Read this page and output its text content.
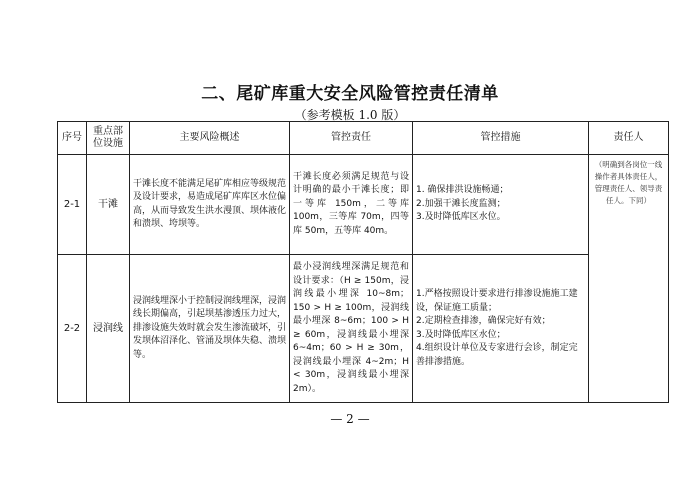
二、尾矿库重大安全风险管控责任清单
（参考模板 1.0 版）
序号	重点部位设施	主要风险概述	管控责任	管控措施	责任人
2-1	干滩	干滩长度不能满足尾矿库相应等级规范及设计要求，易造成尾矿库库区水位偏高，从而导致发生洪水漫顶、坝体液化和溃坝、垮坝等。	干滩长度必须满足规范与设计明确的最小干滩长度；即一等库 150m，二等库 100m，三等库 70m，四等库 50m，五等库 40m。	1. 确保排洪设施畅通；
2.加强干滩长度监测；
3.及时降低库区水位。	（明确到各岗位一线操作者具体责任人，管理责任人、领导责任人。下同）
2-2	浸润线	浸润线埋深小于控制浸润线埋深，浸润线长期偏高，引起坝基渗透压力过大，排渗设施失效时就会发生渗流破坏，引发坝体沼泽化、管涌及坝体失稳、溃坝等。	最小浸润线埋深满足规范和设计要求：（H ≥ 150m，浸润线最小埋深 10~8m；150 > H ≥ 100m，浸润线最小埋深 8~6m；100 > H ≥ 60m，浸润线最小埋深 6~4m；60 > H ≥ 30m，浸润线最小埋深 4~2m；H < 30m，浸润线最小埋深 2m）。	1.严格按照设计要求进行排渗设施施工建设，保证施工质量；
2.定期检查排渗，确保完好有效；
3.及时降低库区水位；
4.组织设计单位及专家进行会诊，制定完善排渗措施。	
— 2 —
